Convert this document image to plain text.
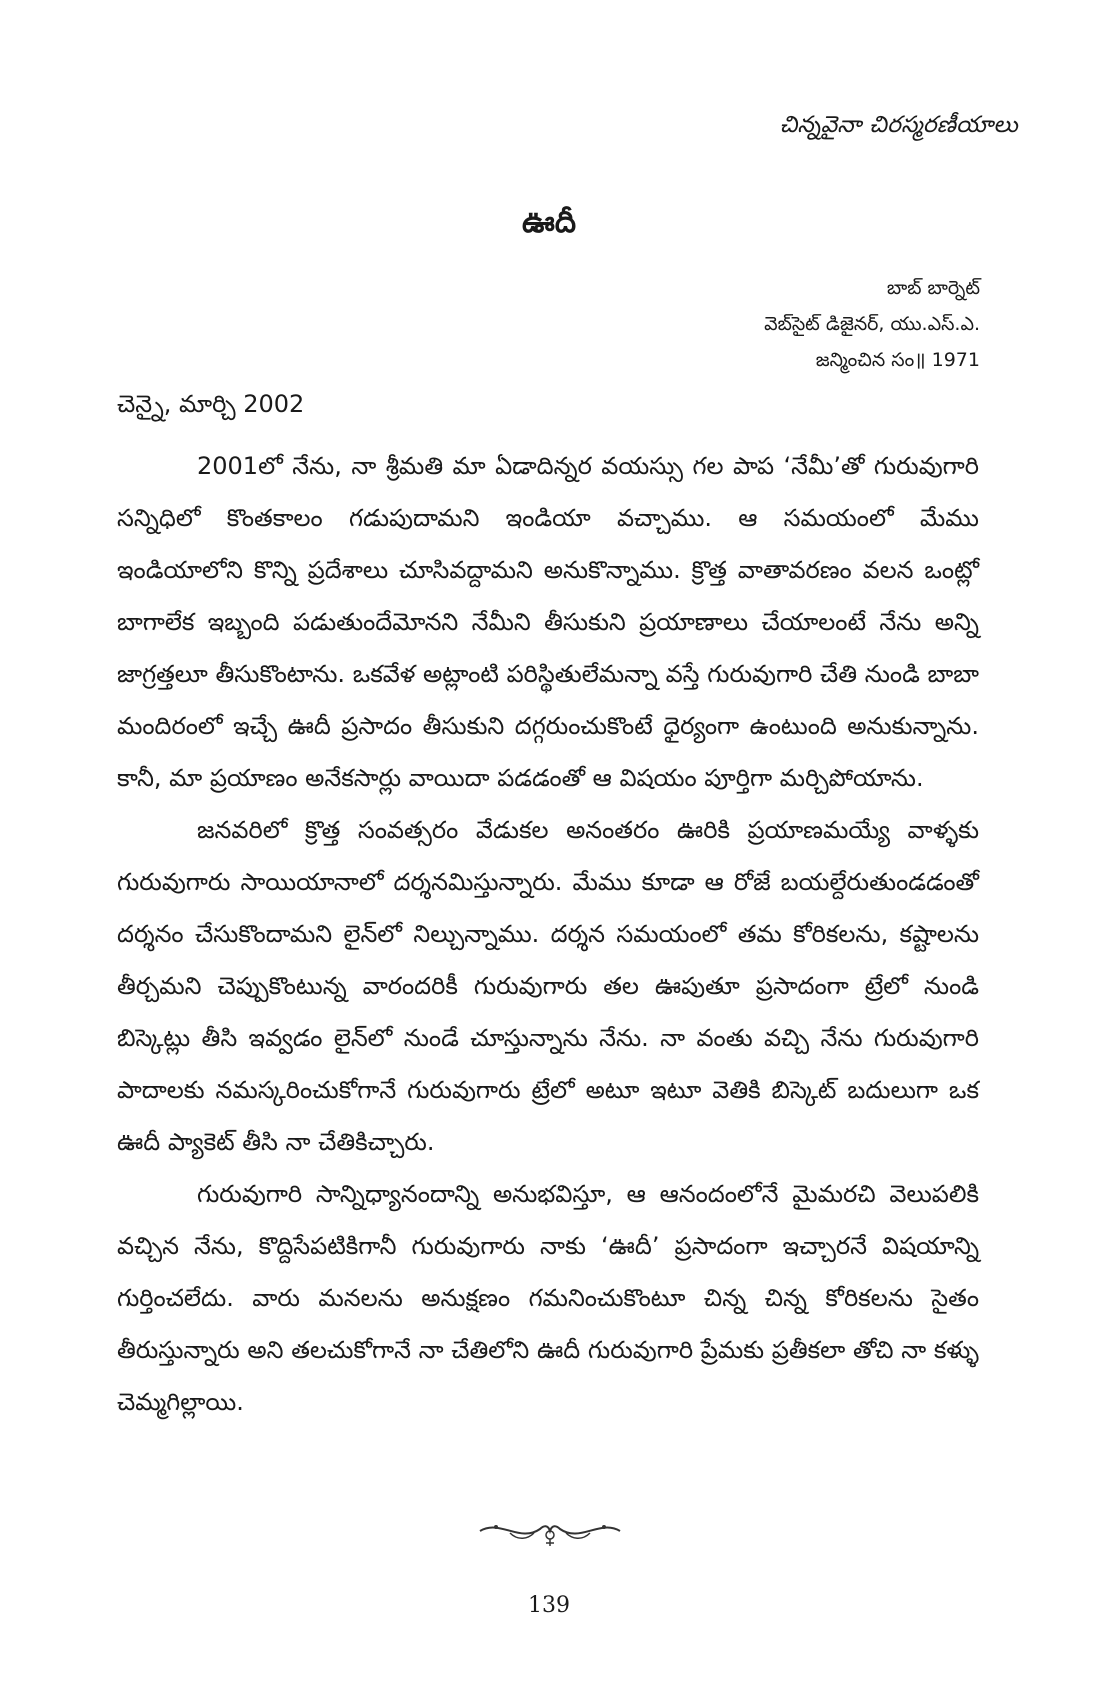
చిన్నవైనా చిరస్మరణీయాలు
ఊదీ
బాబ్ బార్నెట్
వెబ్‌సైట్ డిజైనర్, యు.ఎస్.ఎ.
జన్మించిన సం॥ 1971
చెన్నై, మార్చి 2002

2001లో నేను, నా శ్రీమతి మా ఏడాదిన్నర వయస్సు గల పాప ‘నేమీ’తో గురువుగారి సన్నిధిలో కొంతకాలం గడుపుదామని ఇండియా వచ్చాము. ఆ సమయంలో మేము ఇండియాలోని కొన్ని ప్రదేశాలు చూసివద్దామని అనుకొన్నాము. క్రొత్త వాతావరణం వలన ఒంట్లో బాగాలేక ఇబ్బంది పడుతుందేమోనని నేమీని తీసుకుని ప్రయాణాలు చేయాలంటే నేను అన్ని జాగ్రత్తలూ తీసుకొంటాను. ఒకవేళ అట్లాంటి పరిస్థితులేమన్నా వస్తే గురువుగారి చేతి నుండి బాబా మందిరంలో ఇచ్చే ఊదీ ప్రసాదం తీసుకుని దగ్గరుంచుకొంటే ధైర్యంగా ఉంటుంది అనుకున్నాను. కానీ, మా ప్రయాణం అనేకసార్లు వాయిదా పడడంతో ఆ విషయం పూర్తిగా మర్చిపోయాను.

జనవరిలో క్రొత్త సంవత్సరం వేడుకల అనంతరం ఊరికి ప్రయాణమయ్యే వాళ్ళకు గురువుగారు సాయియానాలో దర్శనమిస్తున్నారు. మేము కూడా ఆ రోజే బయల్దేరుతుండడంతో దర్శనం చేసుకొందామని లైన్‌లో నిల్చున్నాము. దర్శన సమయంలో తమ కోరికలను, కష్టాలను తీర్చమని చెప్పుకొంటున్న వారందరికీ గురువుగారు తల ఊపుతూ ప్రసాదంగా ట్రేలో నుండి బిస్కెట్లు తీసి ఇవ్వడం లైన్‌లో నుండే చూస్తున్నాను నేను. నా వంతు వచ్చి నేను గురువుగారి పాదాలకు నమస్కరించుకోగానే గురువుగారు ట్రేలో అటూ ఇటూ వెతికి బిస్కెట్ బదులుగా ఒక ఊదీ ప్యాకెట్ తీసి నా చేతికిచ్చారు.

గురువుగారి సాన్నిధ్యానందాన్ని అనుభవిస్తూ, ఆ ఆనందంలోనే మైమరచి వెలుపలికి వచ్చిన నేను, కొద్దిసేపటికిగానీ గురువుగారు నాకు ‘ఊదీ’ ప్రసాదంగా ఇచ్చారనే విషయాన్ని గుర్తించలేదు. వారు మనలను అనుక్షణం గమనించుకొంటూ చిన్న చిన్న కోరికలను సైతం తీరుస్తున్నారు అని తలచుకోగానే నా చేతిలోని ఊదీ గురువుగారి ప్రేమకు ప్రతీకలా తోచి నా కళ్ళు చెమ్మగిల్లాయి.

139
